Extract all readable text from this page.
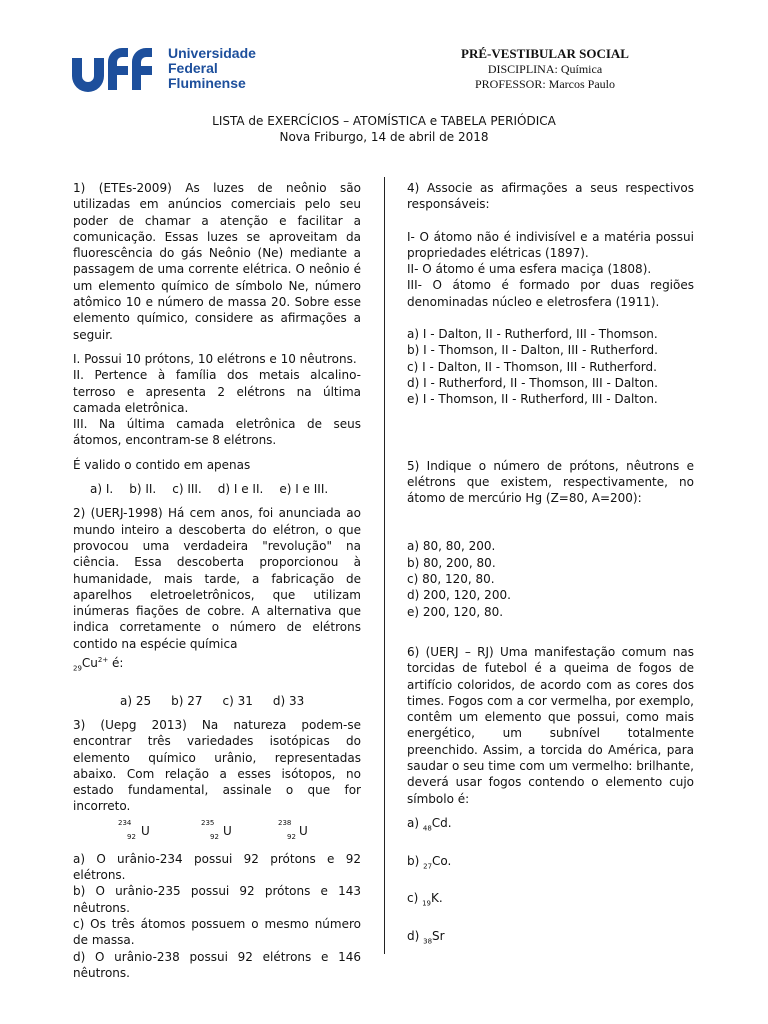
Universidade
Federal
Fluminense
PRÉ-VESTIBULAR SOCIAL
DISCIPLINA: Química
PROFESSOR: Marcos Paulo
LISTA de EXERCÍCIOS – ATOMÍSTICA e TABELA PERIÓDICA
Nova Friburgo, 14 de abril de 2018

1) (ETEs-2009) As luzes de neônio são utilizadas em anúncios comerciais pelo seu poder de chamar a atenção e facilitar a comunicação. Essas luzes se aproveitam da fluorescência do gás Neônio (Ne) mediante a passagem de uma corrente elétrica. O neônio é um elemento químico de símbolo Ne, número atômico 10 e número de massa 20. Sobre esse elemento químico, considere as afirmações a seguir.

I. Possui 10 prótons, 10 elétrons e 10 nêutrons.

II. Pertence à família dos metais alcalino-terroso e apresenta 2 elétrons na última camada eletrônica.

III. Na última camada eletrônica de seus átomos, encontram-se 8 elétrons.

É valido o contido em apenas

a) I. b) II. c) III. d) I e II. e) I e III.

2) (UERJ-1998) Há cem anos, foi anunciada ao mundo inteiro a descoberta do elétron, o que provocou uma verdadeira "revolução" na ciência. Essa descoberta proporcionou à humanidade, mais tarde, a fabricação de aparelhos eletroeletrônicos, que utilizam inúmeras fiações de cobre. A alternativa que indica corretamente o número de elétrons contido na espécie química

$_{29}Cu^{2+}$ é:

a) 25 b) 27 c) 31 d) 33

3) (Uepg 2013) Na natureza podem-se encontrar três variedades isotópicas do elemento químico urânio, representadas abaixo. Com relação a esses isótopos, no estado fundamental, assinale o que for incorreto.

234
92 U
235
92 U
238
92 U

a) O urânio-234 possui 92 prótons e 92 elétrons.

b) O urânio-235 possui 92 prótons e 143 nêutrons.

c) Os três átomos possuem o mesmo número de massa.

d) O urânio-238 possui 92 elétrons e 146 nêutrons.

4) Associe as afirmações a seus respectivos responsáveis:

I- O átomo não é indivisível e a matéria possui propriedades elétricas (1897).

II- O átomo é uma esfera maciça (1808).

III- O átomo é formado por duas regiões denominadas núcleo e eletrosfera (1911).

a) I - Dalton, II - Rutherford, III - Thomson.

b) I - Thomson, II - Dalton, III - Rutherford.

c) I - Dalton, II - Thomson, III - Rutherford.

d) I - Rutherford, II - Thomson, III - Dalton.

e) I - Thomson, II - Rutherford, III - Dalton.

5) Indique o número de prótons, nêutrons e elétrons que existem, respectivamente, no átomo de mercúrio Hg (Z=80, A=200):

a) 80, 80, 200.

b) 80, 200, 80.

c) 80, 120, 80.

d) 200, 120, 200.

e) 200, 120, 80.

6) (UERJ – RJ) Uma manifestação comum nas torcidas de futebol é a queima de fogos de artifício coloridos, de acordo com as cores dos times. Fogos com a cor vermelha, por exemplo, contêm um elemento que possui, como mais energético, um subnível totalmente preenchido. Assim, a torcida do América, para saudar o seu time com um vermelho: brilhante, deverá usar fogos contendo o elemento cujo símbolo é:

a) $_{48}$Cd.

b) $_{27}$Co.

c) $_{19}$K.

d) $_{38}$Sr
